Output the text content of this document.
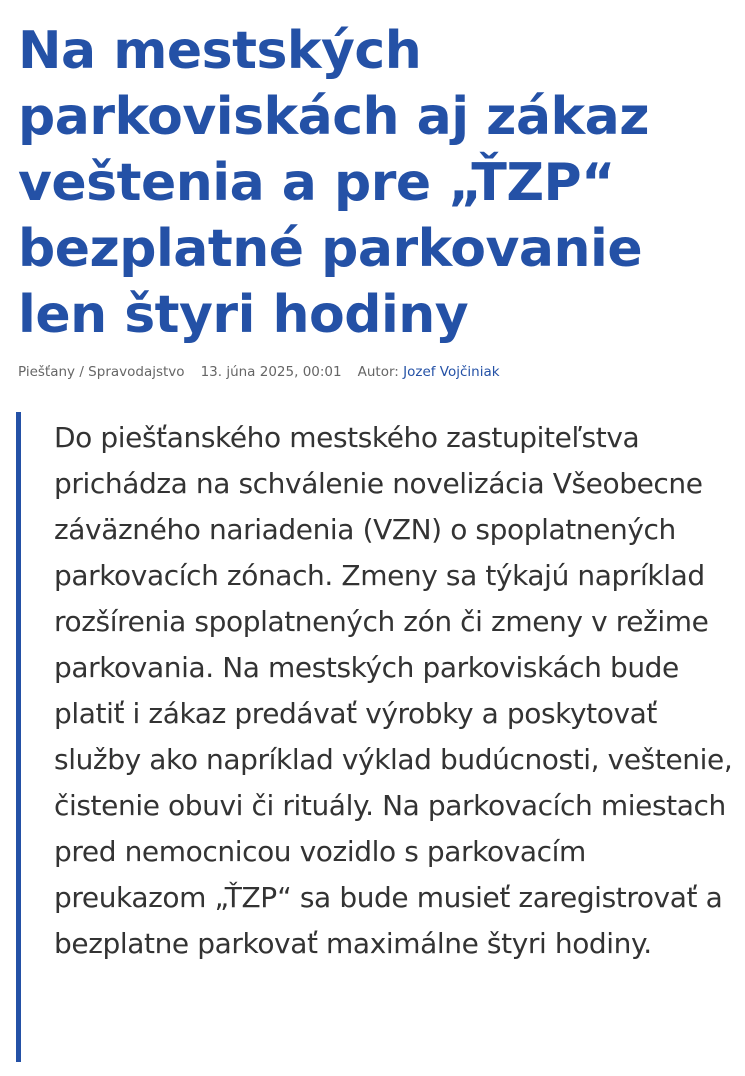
Na mestských parkoviskách aj zákaz veštenia a pre „ŤZP“ bezplatné parkovanie len štyri hodiny
Piešťany / Spravodajstvo 13. júna 2025, 00:01 Autor: Jozef Vojčiniak

Do piešťanského mestského zastupiteľstva prichádza na schválenie novelizácia Všeobecne záväzného nariadenia (VZN) o spoplatnených parkovacích zónach. Zmeny sa týkajú napríklad rozšírenia spoplatnených zón či zmeny v režime parkovania. Na mestských parkoviskách bude platiť i zákaz predávať výrobky a poskytovať služby ako napríklad výklad budúcnosti, veštenie, čistenie obuvi či rituály. Na parkovacích miestach pred nemocnicou vozidlo s parkovacím preukazom „ŤZP“ sa bude musieť zaregistrovať a bezplatne parkovať maximálne štyri hodiny.
